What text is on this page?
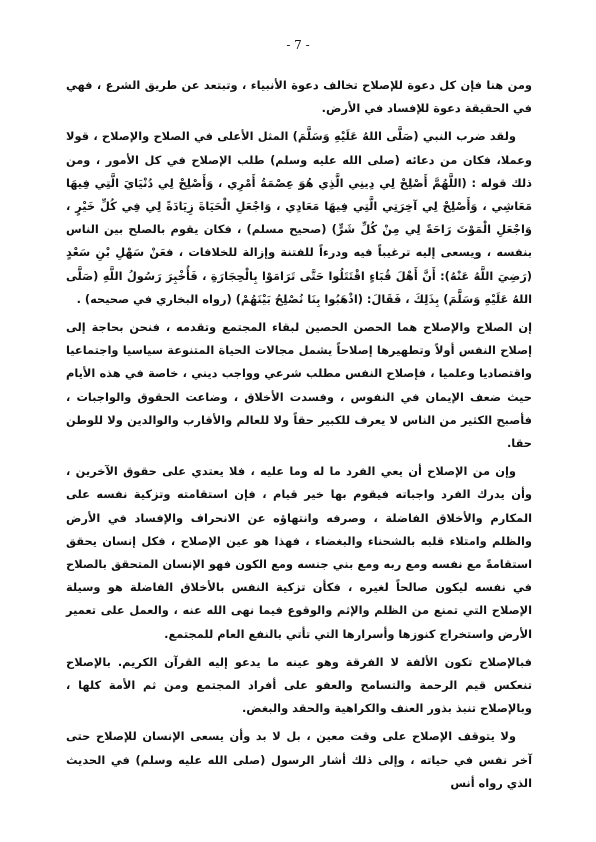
- 7 -

ومن هنا فإن كل دعوة للإصلاح تخالف دعوة الأنبياء ، وتبتعد عن طريق الشرع ، فهي في الحقيقة دعوة للإفساد في الأرض.

ولقد ضرب النبي (صَلَّى اللهُ عَلَيْهِ وَسَلَّمَ) المثل الأعلى في الصلاح والإصلاح ، قولا وعملا، فكان من دعائه (صلى الله عليه وسلم) طلب الإصلاح في كل الأمور ، ومن ذلك قوله : (اللَّهُمَّ أَصْلِحْ لِي دِينِي الَّذِي هُوَ عِصْمَةُ أَمْرِي ، وَأَصْلِحْ لِي دُنْيَايَ الَّتِي فِيهَا مَعَاشِي ، وَأَصْلِحْ لِي آخِرَتِي الَّتِي فِيهَا مَعَادِي ، وَاجْعَلِ الْحَيَاةَ زِيَادَةً لِي فِي كُلِّ خَيْرٍ ، وَاجْعَلِ الْمَوْتَ رَاحَةً لِي مِنْ كُلِّ شَرٍّ) (صحيح مسلم) ، فكان يقوم بالصلح بين الناس بنفسه ، ويسعى إليه ترغيباً فيه ودرءاً للفتنة وإزالة للخلافات ، فعَنْ سَهْلِ بْنِ سَعْدٍ (رَضِيَ اللَّهُ عَنْهُ): أَنَّ أَهْلَ قُبَاءٍ اقْتَتَلُوا حَتَّى تَرَامَوْا بِالْحِجَارَةِ ، فَأُخْبِرَ رَسُولُ اللَّهِ (صَلَّى اللهُ عَلَيْهِ وَسَلَّمَ) بِذَلِكَ ، فَقَالَ: (اذْهَبُوا بِنَا نُصْلِحُ بَيْنَهُمْ) (رواه البخاري في صحيحه) .

إن الصلاح والإصلاح هما الحصن الحصين لبقاء المجتمع وتقدمه ، فنحن بحاجة إلى إصلاح النفس أولاً وتطهيرها إصلاحاً يشمل مجالات الحياة المتنوعة سياسيا واجتماعيا واقتصاديا وعلميا ، فإصلاح النفس مطلب شرعي وواجب ديني ، خاصة في هذه الأيام حيث ضعف الإيمان في النفوس ، وفسدت الأخلاق ، وضاعت الحقوق والواجبات ، فأصبح الكثير من الناس لا يعرف للكبير حقاً ولا للعالم والأقارب والوالدين ولا للوطن حقا.

وإن من الإصلاح أن يعي الفرد ما له وما عليه ، فلا يعتدي على حقوق الآخرين ، وأن يدرك الفرد واجباته فيقوم بها خير قيام ، فإن استقامته وتزكية نفسه على المكارم والأخلاق الفاضلة ، وصرفه وانتهاؤه عن الانحراف والإفساد في الأرض والظلم وامتلاء قلبه بالشحناء والبغضاء ، فهذا هو عين الإصلاح ، فكل إنسان يحقق استقامةً مع نفسه ومع ربه ومع بني جنسه ومع الكون فهو الإنسان المتحقق بالصلاح في نفسه ليكون صالحاً لغيره ، فكأن تزكية النفس بالأخلاق الفاضلة هو وسيلة الإصلاح التي تمنع من الظلم والإثم والوقوع فيما نهى الله عنه ، والعمل على تعمير الأرض واستخراج كنوزها وأسرارها التي تأتي بالنفع العام للمجتمع.

فبالإصلاح تكون الألفة لا الفرقة وهو عينه ما يدعو إليه القرآن الكريم. بالإصلاح تنعكس قيم الرحمة والتسامح والعفو على أفراد المجتمع ومن ثم الأمة كلها ، وبالإصلاح تنبذ بذور العنف والكراهية والحقد والبغض.

ولا يتوقف الإصلاح على وقت معين ، بل لا بد وأن يسعى الإنسان للإصلاح حتى آخر نفس في حياته ، وإلى ذلك أشار الرسول (صلى الله عليه وسلم) في الحديث الذي رواه أنس
